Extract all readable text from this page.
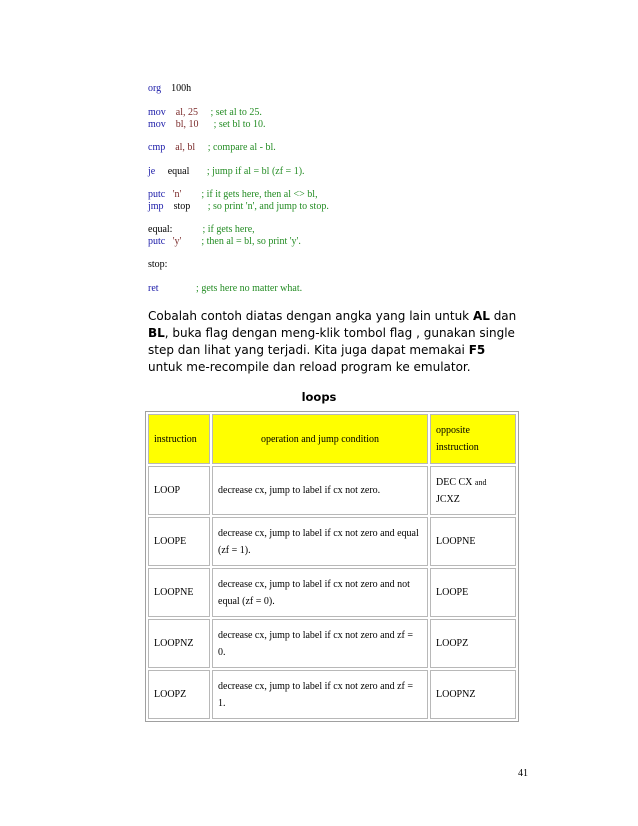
org 100h
mov al, 25 ; set al to 25.
mov bl, 10 ; set bl to 10.
cmp al, bl ; compare al - bl.
je equal ; jump if al = bl (zf = 1).
putc 'n' ; if it gets here, then al <> bl,
jmp stop ; so print 'n', and jump to stop.
equal:	; if gets here,
putc 'y' ; then al = bl, so print 'y'.
stop:
ret	; gets here no matter what.
Cobalah contoh diatas dengan angka yang lain untuk AL dan BL, buka flag dengan meng-klik tombol flag , gunakan single step dan lihat yang terjadi. Kita juga dapat memakai F5 untuk me-recompile dan reload program ke emulator.
loops
instruction	operation and jump condition	opposite instruction
LOOP	decrease cx, jump to label if cx not zero.	DEC CX and
JCXZ
LOOPE	decrease cx, jump to label if cx not zero and equal (zf = 1).	LOOPNE
LOOPNE	decrease cx, jump to label if cx not zero and not equal (zf = 0).	LOOPE
LOOPNZ	decrease cx, jump to label if cx not zero and zf = 0.	LOOPZ
LOOPZ	decrease cx, jump to label if cx not zero and zf = 1.	LOOPNZ
41
